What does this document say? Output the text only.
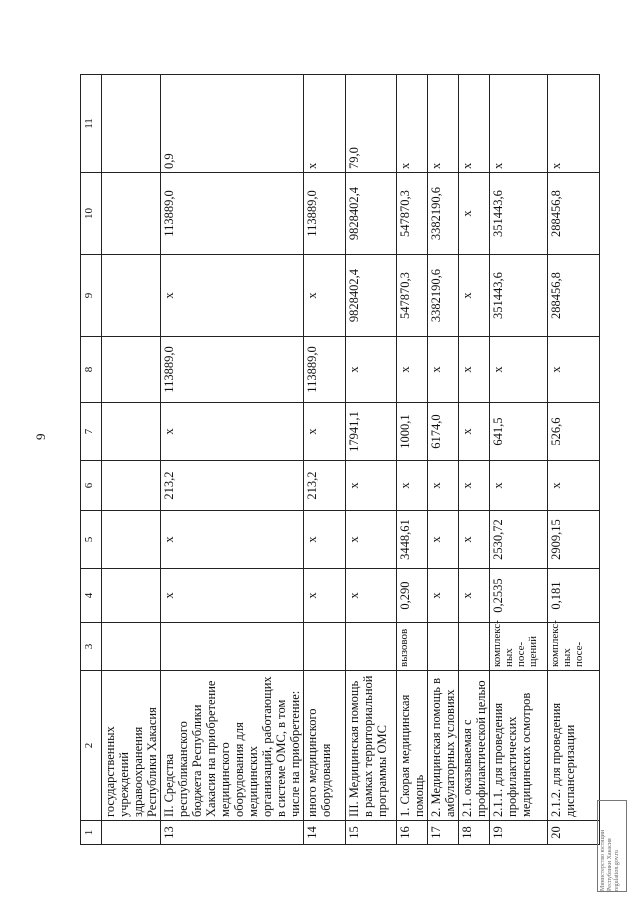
9
1	2	3	4	5	6	7	8	9	10	11
	государственных учреждений здравоохранения Республики Хакасия									
13	II. Средства республиканского бюджета Республики Хакасия на приобретение медицинского оборудования для медицинских организаций, работающих в системе ОМС, в том числе на приобретение:		х	х	213,2	х	113889,0	х	113889,0	0,9
14	иного медицинского оборудования		х	х	213,2	х	113889,0	х	113889,0	х
15	III. Медицинская помощь в рамках территориальной программы ОМС		х	х	х	17941,1	х	9828402,4	9828402,4	79,0
16	1. Скорая медицинская помощь	вызовов	0,290	3448,61	х	1000,1	х	547870,3	547870,3	х
17	2. Медицинская помощь в амбулаторных условиях		х	х	х	6174,0	х	3382190,6	3382190,6	х
18	2.1. оказываемая с профилактической целью		х	х	х	х	х	х	х	х
19	2.1.1. для проведения профилактических медицинских осмотров	комплекс-ных посе-щений	0,2535	2530,72	х	641,5	х	351443,6	351443,6	х
20	2.1.2. для проведения диспансеризации	комплекс-ных посе-	0,181	2909,15	х	526,6	х	288456,8	288456,8	х
Министерство юстиции Республики Хакасия regulation.gov.ru
